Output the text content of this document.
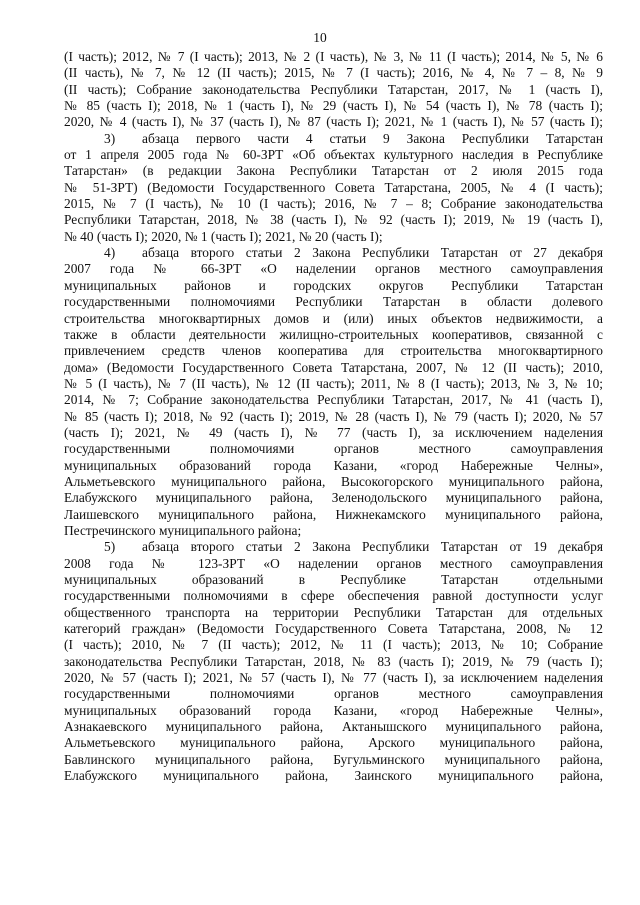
10
(I часть); 2012, № 7 (I часть); 2013, № 2 (I часть), № 3, № 11 (I часть); 2014, № 5, № 6
(II часть), № 7, № 12 (II часть); 2015, № 7 (I часть); 2016, № 4, № 7 – 8, № 9
(II часть); Собрание законодательства Республики Татарстан, 2017, № 1 (часть I),
№ 85 (часть I); 2018, № 1 (часть I), № 29 (часть I), № 54 (часть I), № 78 (часть I);
2020, № 4 (часть I), № 37 (часть I), № 87 (часть I); 2021, № 1 (часть I), № 57 (часть I);
3) абзаца первого части 4 статьи 9 Закона Республики Татарстан
от 1 апреля 2005 года № 60-ЗРТ «Об объектах культурного наследия в Республике
Татарстан» (в редакции Закона Республики Татарстан от 2 июля 2015 года
№ 51-ЗРТ) (Ведомости Государственного Совета Татарстана, 2005, № 4 (I часть);
2015, № 7 (I часть), № 10 (I часть); 2016, № 7 – 8; Собрание законодательства
Республики Татарстан, 2018, № 38 (часть I), № 92 (часть I); 2019, № 19 (часть I),
№ 40 (часть I); 2020, № 1 (часть I); 2021, № 20 (часть I);
4) абзаца второго статьи 2 Закона Республики Татарстан от 27 декабря
2007 года № 66-ЗРТ «О наделении органов местного самоуправления
муниципальных районов и городских округов Республики Татарстан
государственными полномочиями Республики Татарстан в области долевого
строительства многоквартирных домов и (или) иных объектов недвижимости, а
также в области деятельности жилищно-строительных кооперативов, связанной с
привлечением средств членов кооператива для строительства многоквартирного
дома» (Ведомости Государственного Совета Татарстана, 2007, № 12 (II часть); 2010,
№ 5 (I часть), № 7 (II часть), № 12 (II часть); 2011, № 8 (I часть); 2013, № 3, № 10;
2014, № 7; Собрание законодательства Республики Татарстан, 2017, № 41 (часть I),
№ 85 (часть I); 2018, № 92 (часть I); 2019, № 28 (часть I), № 79 (часть I); 2020, № 57
(часть I); 2021, № 49 (часть I), № 77 (часть I), за исключением наделения
государственными полномочиями органов местного самоуправления
муниципальных образований города Казани, «город Набережные Челны»,
Альметьевского муниципального района, Высокогорского муниципального района,
Елабужского муниципального района, Зеленодольского муниципального района,
Лаишевского муниципального района, Нижнекамского муниципального района,
Пестречинского муниципального района;
5) абзаца второго статьи 2 Закона Республики Татарстан от 19 декабря
2008 года № 123-ЗРТ «О наделении органов местного самоуправления
муниципальных образований в Республике Татарстан отдельными
государственными полномочиями в сфере обеспечения равной доступности услуг
общественного транспорта на территории Республики Татарстан для отдельных
категорий граждан» (Ведомости Государственного Совета Татарстана, 2008, № 12
(I часть); 2010, № 7 (II часть); 2012, № 11 (I часть); 2013, № 10; Собрание
законодательства Республики Татарстан, 2018, № 83 (часть I); 2019, № 79 (часть I);
2020, № 57 (часть I); 2021, № 57 (часть I), № 77 (часть I), за исключением наделения
государственными полномочиями органов местного самоуправления
муниципальных образований города Казани, «город Набережные Челны»,
Азнакаевского муниципального района, Актанышского муниципального района,
Альметьевского муниципального района, Арского муниципального района,
Бавлинского муниципального района, Бугульминского муниципального района,
Елабужского муниципального района, Заинского муниципального района,
